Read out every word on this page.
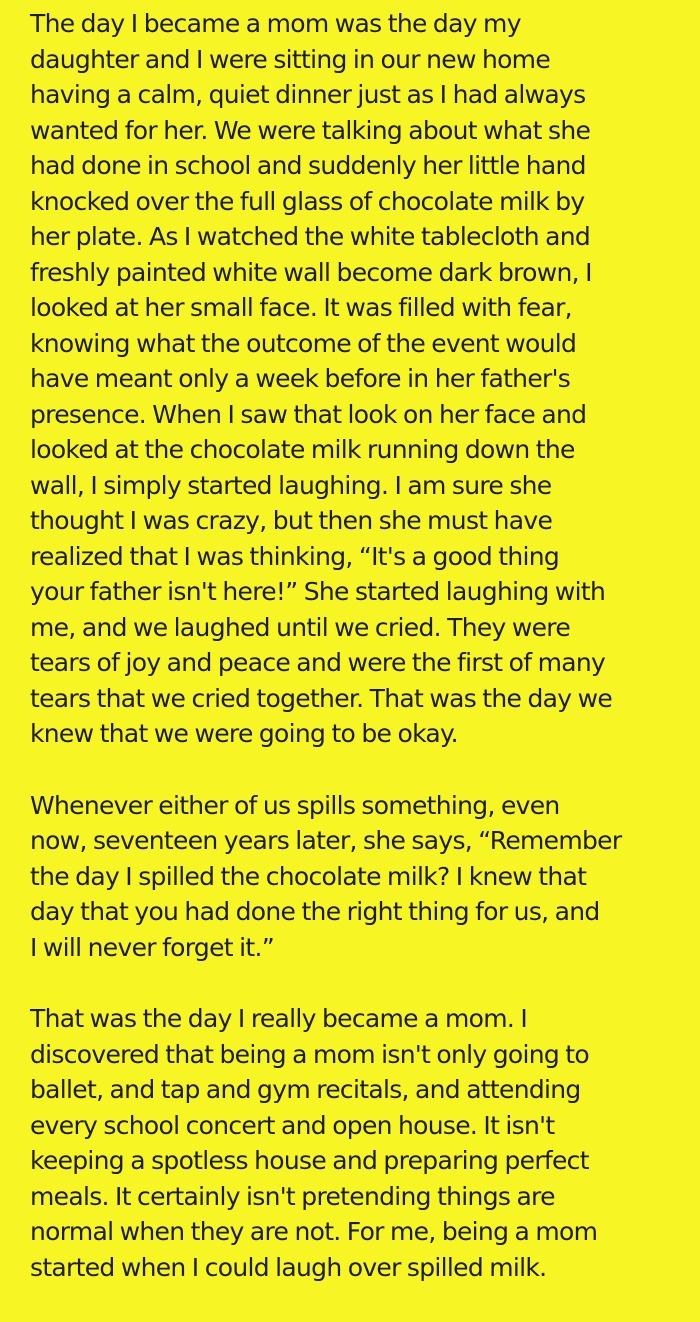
The day I became a mom was the day my
daughter and I were sitting in our new home
having a calm, quiet dinner just as I had always
wanted for her. We were talking about what she
had done in school and suddenly her little hand
knocked over the full glass of chocolate milk by
her plate. As I watched the white tablecloth and
freshly painted white wall become dark brown, I
looked at her small face. It was filled with fear,
knowing what the outcome of the event would
have meant only a week before in her father's
presence. When I saw that look on her face and
looked at the chocolate milk running down the
wall, I simply started laughing. I am sure she
thought I was crazy, but then she must have
realized that I was thinking, “It's a good thing
your father isn't here!” She started laughing with
me, and we laughed until we cried. They were
tears of joy and peace and were the first of many
tears that we cried together. That was the day we
knew that we were going to be okay.
Whenever either of us spills something, even
now, seventeen years later, she says, “Remember
the day I spilled the chocolate milk? I knew that
day that you had done the right thing for us, and
I will never forget it.”
That was the day I really became a mom. I
discovered that being a mom isn't only going to
ballet, and tap and gym recitals, and attending
every school concert and open house. It isn't
keeping a spotless house and preparing perfect
meals. It certainly isn't pretending things are
normal when they are not. For me, being a mom
started when I could laugh over spilled milk.
